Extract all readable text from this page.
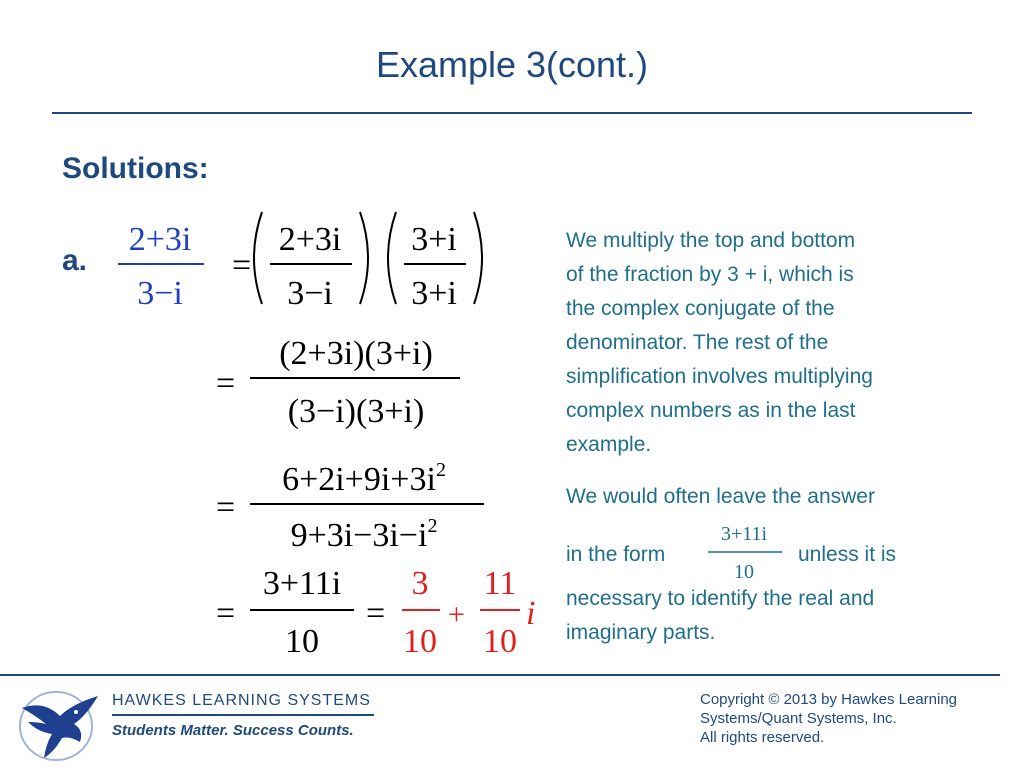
Example 3(cont.)
Solutions:
a.
2+3i
3−i
=
2+3i
3−i
3+i
3+i
=
(2+3i)(3+i)
(3−i)(3+i)
=
$6+2i+9i+3i^2$
$9+3i-3i-i^2$
=
3+11i
10
=
3
10
+
11
10
i
We multiply the top and bottom
of the fraction by 3 + i, which is
the complex conjugate of the
denominator. The rest of the
simplification involves multiplying
complex numbers as in the last
example.
We would often leave the answer
in the form
3+11i
10
unless it is
necessary to identify the real and
imaginary parts.
HAWKES LEARNING SYSTEMS
Students Matter. Success Counts.
Copyright © 2013 by Hawkes Learning
Systems/Quant Systems, Inc.
All rights reserved.
